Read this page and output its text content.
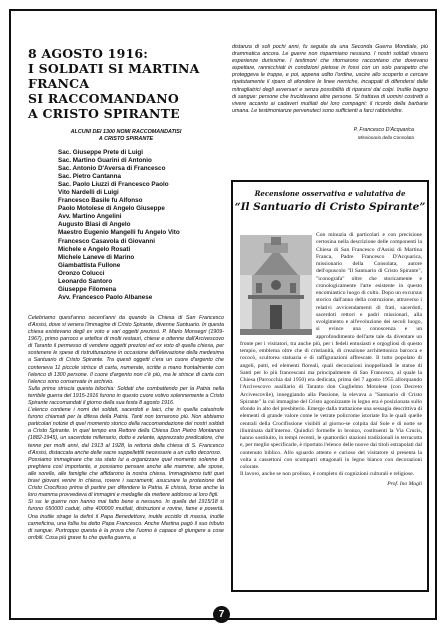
8 AGOSTO 1916:
I SOLDATI SI MARTINA FRANCA
SI RACCOMANDANO
A CRISTO SPIRANTE
ALCUNI DEI 1300 NOMI RACCOMANDATISI
A CRISTO SPIRANTE
Sac. Giuseppe Prete di Luigi
Sac. Martino Guarini di Antonio
Sac. Antonio D'Aversa di Francesco
Sac. Pietro Cantanna
Sac. Paolo Liuzzi di Francesco Paolo
Vito Nardelli di Luigi
Francesco Basile fu Alfonso
Paolo Motolese di Angelo Giuseppe
Avv. Martino Angelini
Augusto Blasi di Angelo
Maestro Eugenio Mangelli fu Angelo Vito
Francesco Casavola di Giovanni
Michele e Angelo Rosati
Michele Laneve di Marino
Giambattista Fullone
Oronzo Colucci
Leonardo Santoro
Giuseppe Filomena
Avv. Francesco Paolo Albanese

Celebriamo quest'anno secent'anni da quando la Chiesa di San Francesco d'Assisi, dove si venera l'immagine di Cristo Spirante, divenne Santuario. In questa chiesa esistevano degli ex voto e vari oggetti preziosi. P. Mario Monsegri (1909-1967), primo parroco e artefice di molti restauri, chiese e ottenne dall'Arcivescovo di Taranto il permesso di vendere oggetti preziosi ed ex voto di quella chiesa, per sostenere le spese di ristrutturazione in occasione dell'elevazione della medesima a Santuario di Cristo Spirante. Tra questi oggetti c'era un cuore d'argento che conteneva 11 piccole strisce di carta, numerate, scritte a mano frontalmente con l'elenco di 1300 persone. Il cuore d'argento non c'è più, ma le strisce di carta con l'elenco sono conservate in archivio.

Sulla prima striscia questa bilochia: Soldati che combattendo per la Patria nella terribile guerra del 1915-1916 furono in questo cuore votivo solennemente a Cristo Spirante raccomandati il giorno della sua festa 8 agosto 1916.

L'elenco contiene i nomi dei soldati, sacerdoti e laici, che in quella catastrofe furono chiamati per la difesa della Patria. Tanti non tornarono più. Non abbiamo particolari notizie di quel momento storico della raccomandazione dei nostri soldati a Cristo Spirante. In quel tempo era Rettore della Chiesa Don Pietro Montanaro (1882-1945), un sacerdote millenario, dotto e zelante, apprezzato predicatore, che tenne per molti anni, dal 1913 al 1928, la rettoria della chiesa di S. Francesco d'Assisi, distaccata anche delle sacre suppellettili necessarie a un culto decoroso.

Possiamo immaginare che sia stato lui a organizzare quel momento solenne di preghiera così importante, e possiamo pensare anche alle mamme, alle spose, alle sorelle, alle famiglie che affidarono la nostra chiesa. Immaginiamo tutti quei bravi giovani venire in chiesa, rovere i sacramenti, asucurare la protezione del Cristo Crocifisso prima di partire per difendere la Patria. E chissà, forse anche la loro mamma provvedeva di immagini e medaglie da mettere addosso ai loro figli.

Si sa: le guerre non hanno mai fatto bene a nessuno. In quella del 1915/18 si furono 650000 caduti, oltre 400000 mutilati, distruzioni e rovine, fame e povertà. Una inutile strage la definì il Papa Benedettoxv, inutile eccidio di massa, inutile carneficina, una follia ha detto Papa Francesco. Anche Martina pagò il suo tributo di sangue. Purtroppo questa è la prova che l'uomo è capace di giungere a cose orribili. Cosa più grave fu che quella guerra, a

distanza di soli pochi anni, fu seguita da una Seconda Guerra Mondiale, più drammatica ancora. Le guerre non risparmiano nessuno. I nostri soldati vissero esperienze durissime. I testimoni che ritornarono raccontano che dovevano aspettare, rannicchiati in condizioni pietose in fossi con un solo parapetto che proteggeva le truppe, e poi, appena udito l'ordine, uscire allo scoperto e cercare ripetutamente il riparo di afondere le linee nemiche, incappati di difendersi dalle mitragliatrici degli avversari e senza possibilità di ripararsi dai colpi. Inutile bagno di sangue: persone che trucidavano altre persone. Si trattava di uomini costretti a vivere accanto ai cadaveri mutilati dei loro compagni: il ricordo della barbarie umana. Le testimonianze pervenuteci sono sufficienti a farci rabbrividire.
P. Francesco D'Acquarica
Missionario della Consolata
Recensione osservativa e valutativa de
“Il Santuario di Cristo Spirante”

Con minuzia di particolari e con precisione certosina nella descrizione delle componenti la Chiesa di San Francesco d'Assisi di Martina Franca, Padre Francesco D'Acquarica, missionario della Consolata, autore dell'opuscolo "Il Santuario di Cristo Spirante", "iconografa" oltre che storicamente e cronologicamente l'arte esistente in questo encomiastico luogo di culto. Dopo un excursus storico dall'anno della costruzione, attraverso i relativi avvicendamenti di frati, sacerdoti, sacerdoti rettori e padri missionari, alla svolgimento e all'evoluzione dei secoli luogo, si evince una conoscenza e un approfondimento dell'arte tale da diventare un fronte per i visitatori, tra anche più, per i fedeli entusiasti e orgogliosi di questo tempio, emblema oltre che di cristianità, di creazione architettonica barocca e rococò, scultorea statuaria e di raffigurazioni affrescate. Il tutto popolato di angeli, putti, ed elementi floreali, quali decorazioni inoppellandi le statue di Santi per lo più francescani ma principalmente di San Francesco, al quale la Chiesa (Parrocchia dal 1950) era dedicata, prima del 7 agosto 1955 allorquando l'Arcivescovo ausiliario di Taranto don Guglielmo Motolese (con Decreto Arcivescovile), inneggiando alla Passione, la elevava a "Santuario di Cristo Spirante" la cui immagine del Cristo agonizzante in legno era è posizionata sullo sfondo in alto del presbiterio. Emerge dalla trattazione una sessagia descrittiva di elementi di grande valore come le vetrate policrome istoriate fra le quali quelle centrali della Crocifissione visibili al giorno-se colpita dal Sole e di notte se illuminata dall'interno. Quindici formelle in bronzo, costituenti la Via Crucis, hanno sostituito, in tempi recenti, le quattordici stazioni tradizionali in terracotta e, per meglio specificarle, è riportato l'elenco delle nuove dai titoli estrapolati dal contenuto biblico. Allo sguardo attento e curioso del visitatore si presenta la volta a cassettoni con scomparti ottagonali in legno bianco con decorazioni colorate.

Il lavoro, anche se non prolisso, è completo di cognizioni culturali e religiose.

Prof. Ino Magli
7
